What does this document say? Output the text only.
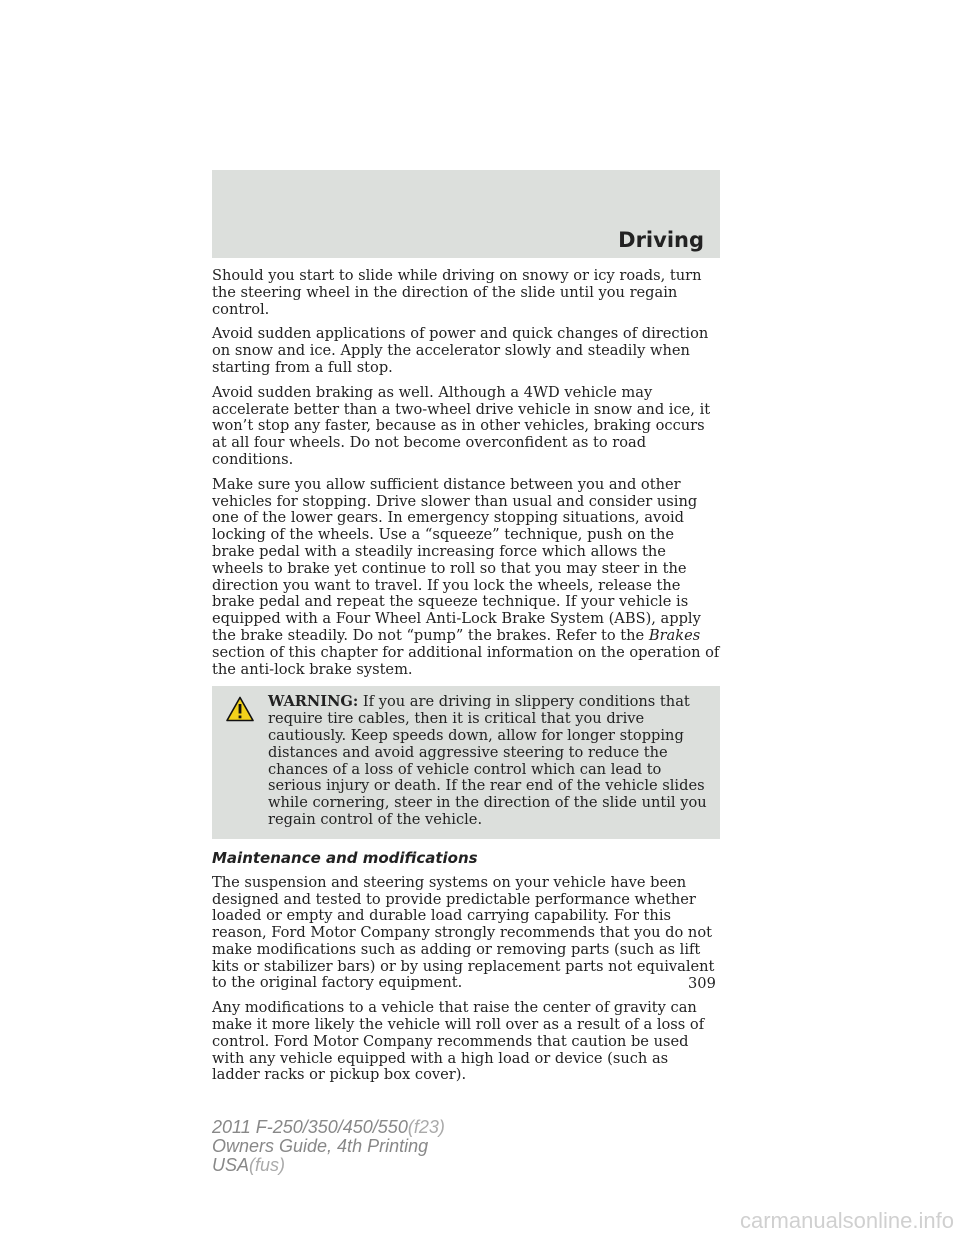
Driving

Should you start to slide while driving on snowy or icy roads, turn the steering wheel in the direction of the slide until you regain control.

Avoid sudden applications of power and quick changes of direction on snow and ice. Apply the accelerator slowly and steadily when starting from a full stop.

Avoid sudden braking as well. Although a 4WD vehicle may accelerate better than a two-wheel drive vehicle in snow and ice, it won’t stop any faster, because as in other vehicles, braking occurs at all four wheels. Do not become overconfident as to road conditions.

Make sure you allow sufficient distance between you and other vehicles for stopping. Drive slower than usual and consider using one of the lower gears. In emergency stopping situations, avoid locking of the wheels. Use a “squeeze” technique, push on the brake pedal with a steadily increasing force which allows the wheels to brake yet continue to roll so that you may steer in the direction you want to travel. If you lock the wheels, release the brake pedal and repeat the squeeze technique. If your vehicle is equipped with a Four Wheel Anti-Lock Brake System (ABS), apply the brake steadily. Do not “pump” the brakes. Refer to the Brakes section of this chapter for additional information on the operation of the anti-lock brake system.

WARNING: If you are driving in slippery conditions that require tire cables, then it is critical that you drive cautiously. Keep speeds down, allow for longer stopping distances and avoid aggressive steering to reduce the chances of a loss of vehicle control which can lead to serious injury or death. If the rear end of the vehicle slides while cornering, steer in the direction of the slide until you regain control of the vehicle.
Maintenance and modifications

The suspension and steering systems on your vehicle have been designed and tested to provide predictable performance whether loaded or empty and durable load carrying capability. For this reason, Ford Motor Company strongly recommends that you do not make modifications such as adding or removing parts (such as lift kits or stabilizer bars) or by using replacement parts not equivalent to the original factory equipment.

Any modifications to a vehicle that raise the center of gravity can make it more likely the vehicle will roll over as a result of a loss of control. Ford Motor Company recommends that caution be used with any vehicle equipped with a high load or device (such as ladder racks or pickup box cover).

309
2011 F-250/350/450/550(f23)
Owners Guide, 4th Printing
USA(fus)
carmanualsonline.info
